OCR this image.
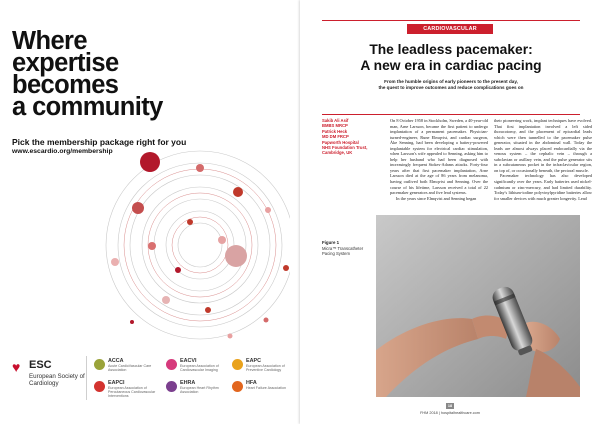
Where
expertise
becomes
a community
Pick the membership package right for you
www.escardio.org/membership
♥ ESC
European Society of Cardiology
ACCA
Acute CardioVascular Care Association
EACVI
European Association of Cardiovascular Imaging
EAPC
European Association of Preventive Cardiology
EAPCI
European Association of Percutaneous Cardiovascular Interventions
EHRA
European Heart Rhythm Association
HFA
Heart Failure Association
CARDIOVASCULAR
The leadless pacemaker:
A new era in cardiac pacing
From the humble origins of early pioneers to the present day,
the quest to improve outcomes and reduce complications goes on
Sakib Ali Asif
BMBS MRCP
Patrick Heck
MD DM FRCP
Papworth Hospital
NHS Foundation Trust,
Cambridge, UK

On 8 October 1958 in Stockholm, Sweden, a 40-year-old man, Arne Larsson, became the first patient to undergo implantation of a permanent pacemaker. Physician-turned-engineer, Rune Elmqvist, and cardiac surgeon, Åke Senning, had been developing a battery-powered implantable system for electrical cardiac stimulation, when Larsson's wife appealed to Senning, asking him to help her husband who had been diagnosed with increasingly frequent Stokes-Adams attacks. Forty-four years after that first pacemaker implantation, Arne Larsson died at the age of 86 years from melanoma, having outlived both Elmqvist and Senning. Over the course of his lifetime, Larsson received a total of 22 pacemaker generators and five lead systems.

In the years since Elmqvist and Senning began

their pioneering work, implant techniques have evolved. That first implantation involved a left sided thoracotomy, and the placement of epicardial leads which were then tunnelled to the pacemaker pulse generator, situated in the abdominal wall. Today the leads are almost always placed endocardially via the venous system – the cephalic vein – through a subclavian or axillary vein, and the pulse generator sits in a subcutaneous pocket in the infraclavicular region, on top of, or occasionally beneath, the pectoral muscle.

Pacemaker technology has also developed significantly over the years. Early batteries used nickel-cadmium or zinc-mercury, and had limited durability. Today's lithium-iodine polyvinylpyridine batteries allow for smaller devices with much greater longevity. Lead

Figure 1
Micra™ Transcatheter Pacing System
18
FHM 2018 | hospitalhealthcare.com
